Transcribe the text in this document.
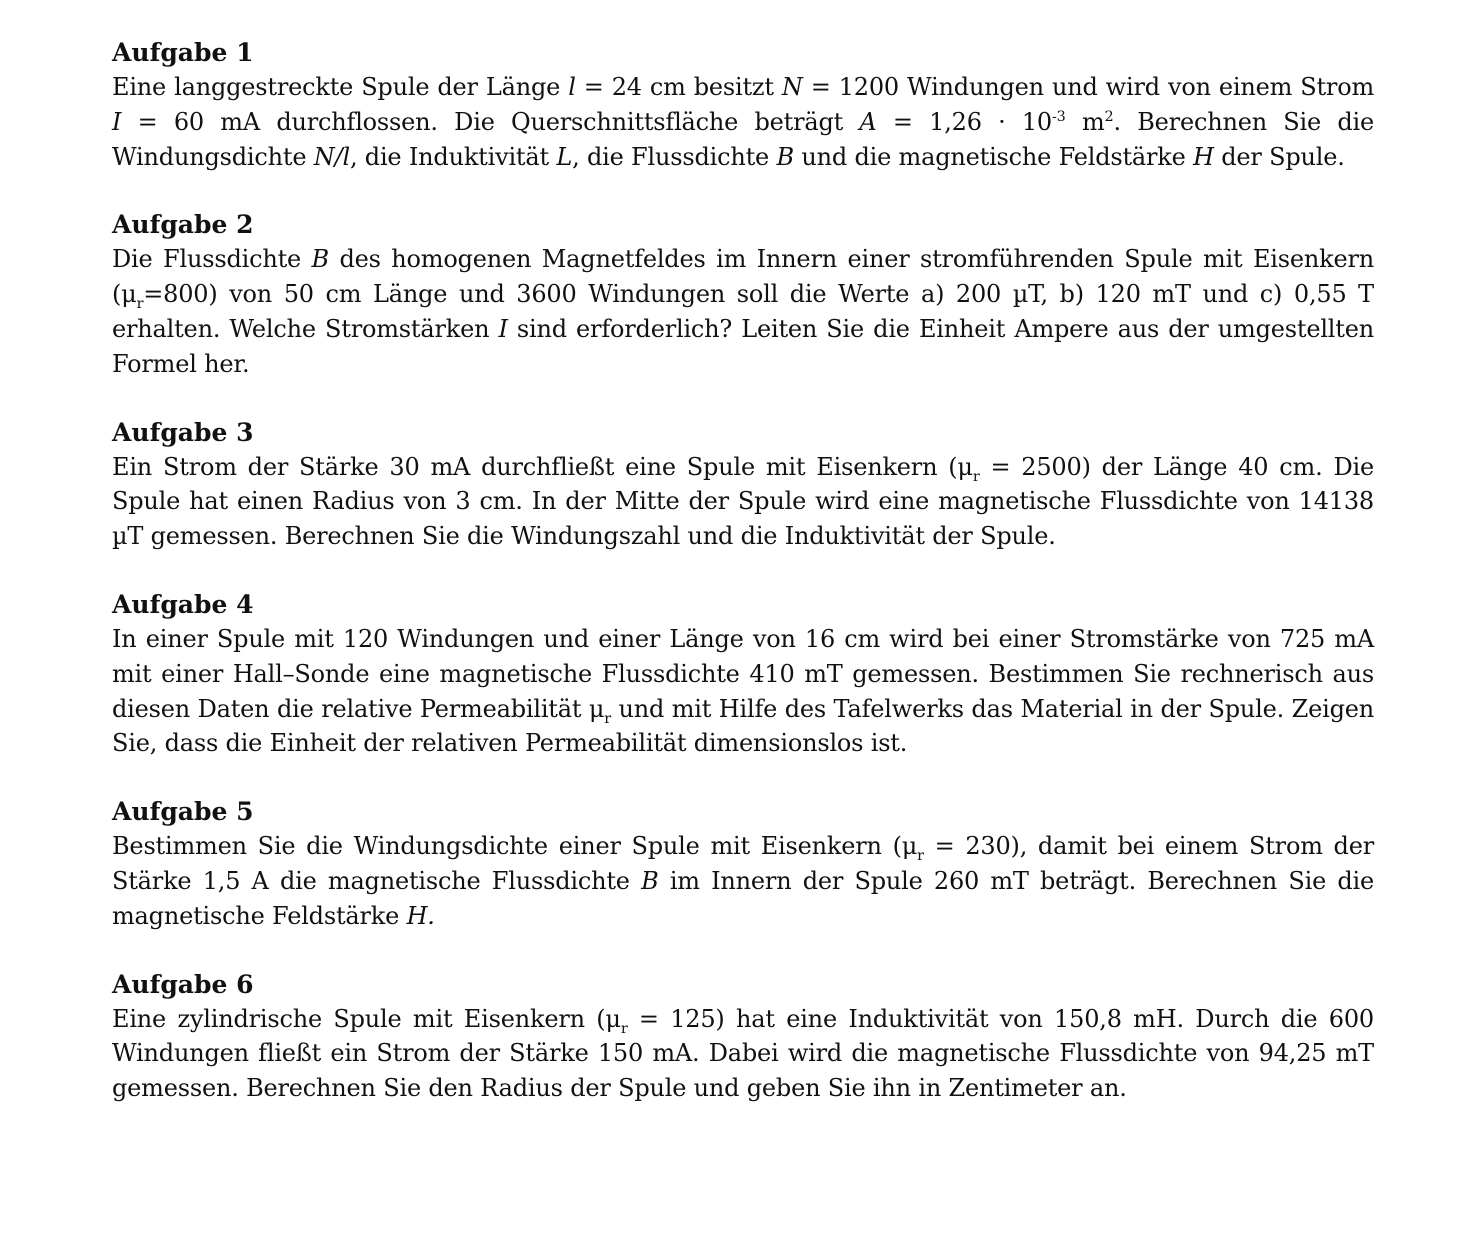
Aufgabe 1

Eine langgestreckte Spule der Länge l = 24 cm besitzt N = 1200 Windungen und wird von einem Strom I = 60 mA durchflossen. Die Querschnittsfläche beträgt $A = 1,26 \cdot 10^{-3}$ $m^2$. Berechnen Sie die Windungsdichte N/l, die Induktivität L, die Flussdichte B und die magnetische Feldstärke H der Spule.

Aufgabe 2

Die Flussdichte B des homogenen Magnetfeldes im Innern einer stromführenden Spule mit Eisenkern $(\mu_r=800)$ von 50 cm Länge und 3600 Windungen soll die Werte a) 200 µT, b) 120 mT und c) 0,55 T erhalten. Welche Stromstärken I sind erforderlich? Leiten Sie die Einheit Ampere aus der umgestellten Formel her.

Aufgabe 3

Ein Strom der Stärke 30 mA durchfließt eine Spule mit Eisenkern $(\mu_r = 2500)$ der Länge 40 cm. Die Spule hat einen Radius von 3 cm. In der Mitte der Spule wird eine magnetische Flussdichte von 14138 µT gemessen. Berechnen Sie die Windungszahl und die Induktivität der Spule.

Aufgabe 4

In einer Spule mit 120 Windungen und einer Länge von 16 cm wird bei einer Stromstärke von 725 mA mit einer Hall–Sonde eine magnetische Flussdichte 410 mT gemessen. Bestimmen Sie rechnerisch aus diesen Daten die relative Permeabilität $\mu_r$ und mit Hilfe des Tafelwerks das Material in der Spule. Zeigen Sie, dass die Einheit der relativen Permeabilität dimensionslos ist.

Aufgabe 5

Bestimmen Sie die Windungsdichte einer Spule mit Eisenkern $(\mu_r = 230)$, damit bei einem Strom der Stärke 1,5 A die magnetische Flussdichte B im Innern der Spule 260 mT beträgt. Berechnen Sie die magnetische Feldstärke H.

Aufgabe 6

Eine zylindrische Spule mit Eisenkern $(\mu_r = 125)$ hat eine Induktivität von 150,8 mH. Durch die 600 Windungen fließt ein Strom der Stärke 150 mA. Dabei wird die magnetische Flussdichte von 94,25 mT gemessen. Berechnen Sie den Radius der Spule und geben Sie ihn in Zentimeter an.
